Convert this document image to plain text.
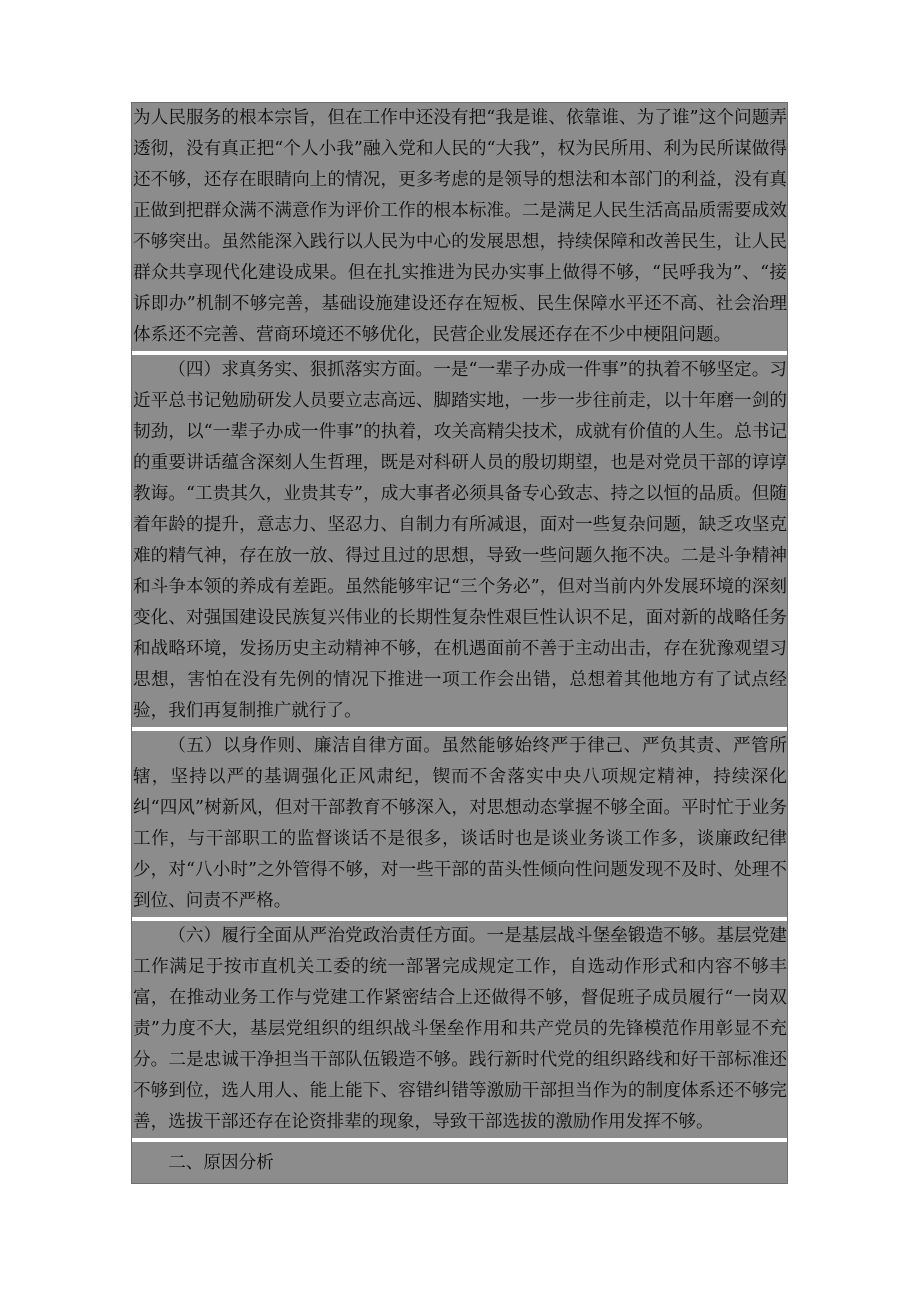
为人民服务的根本宗旨，但在工作中还没有把“我是谁、依靠谁、为了谁”这个问题弄透彻，没有真正把“个人小我”融入党和人民的“大我”，权为民所用、利为民所谋做得还不够，还存在眼睛向上的情况，更多考虑的是领导的想法和本部门的利益，没有真正做到把群众满不满意作为评价工作的根本标准。二是满足人民生活高品质需要成效不够突出。虽然能深入践行以人民为中心的发展思想，持续保障和改善民生，让人民群众共享现代化建设成果。但在扎实推进为民办实事上做得不够，“民呼我为”、“接诉即办”机制不够完善，基础设施建设还存在短板、民生保障水平还不高、社会治理体系还不完善、营商环境还不够优化，民营企业发展还存在不少中梗阻问题。

（四）求真务实、狠抓落实方面。一是“一辈子办成一件事”的执着不够坚定。习近平总书记勉励研发人员要立志高远、脚踏实地，一步一步往前走，以十年磨一剑的韧劲，以“一辈子办成一件事”的执着，攻关高精尖技术，成就有价值的人生。总书记的重要讲话蕴含深刻人生哲理，既是对科研人员的殷切期望，也是对党员干部的谆谆教诲。“工贵其久，业贵其专”，成大事者必须具备专心致志、持之以恒的品质。但随着年龄的提升，意志力、坚忍力、自制力有所减退，面对一些复杂问题，缺乏攻坚克难的精气神，存在放一放、得过且过的思想，导致一些问题久拖不决。二是斗争精神和斗争本领的养成有差距。虽然能够牢记“三个务必”，但对当前内外发展环境的深刻变化、对强国建设民族复兴伟业的长期性复杂性艰巨性认识不足，面对新的战略任务和战略环境，发扬历史主动精神不够，在机遇面前不善于主动出击，存在犹豫观望习思想，害怕在没有先例的情况下推进一项工作会出错，总想着其他地方有了试点经验，我们再复制推广就行了。

（五）以身作则、廉洁自律方面。虽然能够始终严于律己、严负其责、严管所辖，坚持以严的基调强化正风肃纪，锲而不舍落实中央八项规定精神，持续深化纠“四风”树新风，但对干部教育不够深入，对思想动态掌握不够全面。平时忙于业务工作，与干部职工的监督谈话不是很多，谈话时也是谈业务谈工作多，谈廉政纪律少，对“八小时”之外管得不够，对一些干部的苗头性倾向性问题发现不及时、处理不到位、问责不严格。

（六）履行全面从严治党政治责任方面。一是基层战斗堡垒锻造不够。基层党建工作满足于按市直机关工委的统一部署完成规定工作，自选动作形式和内容不够丰富，在推动业务工作与党建工作紧密结合上还做得不够，督促班子成员履行“一岗双责”力度不大，基层党组织的组织战斗堡垒作用和共产党员的先锋模范作用彰显不充分。二是忠诚干净担当干部队伍锻造不够。践行新时代党的组织路线和好干部标准还不够到位，选人用人、能上能下、容错纠错等激励干部担当作为的制度体系还不够完善，选拔干部还存在论资排辈的现象，导致干部选拔的激励作用发挥不够。

二、原因分析
